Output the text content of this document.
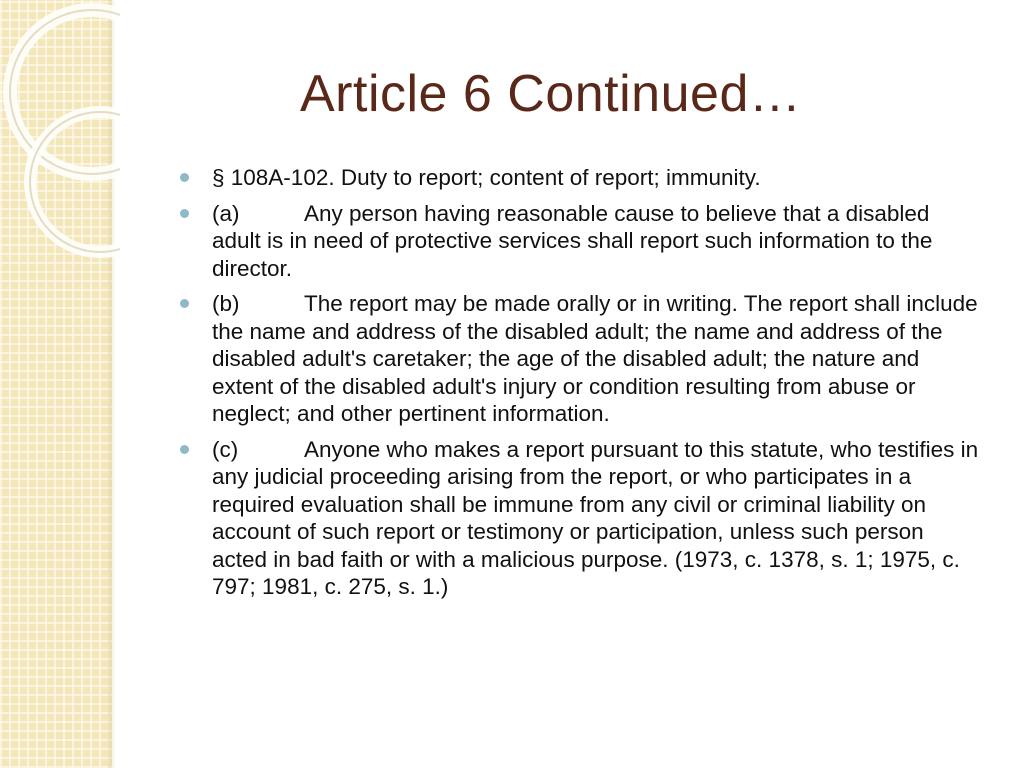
Article 6 Continued…
§ 108A-102. Duty to report; content of report; immunity.
(a)	Any person having reasonable cause to believe that a disabled adult is in need of protective services shall report such information to the director.
(b)	The report may be made orally or in writing. The report shall include the name and address of the disabled adult; the name and address of the disabled adult's caretaker; the age of the disabled adult; the nature and extent of the disabled adult's injury or condition resulting from abuse or neglect; and other pertinent information.
(c)	Anyone who makes a report pursuant to this statute, who testifies in any judicial proceeding arising from the report, or who participates in a required evaluation shall be immune from any civil or criminal liability on account of such report or testimony or participation, unless such person acted in bad faith or with a malicious purpose. (1973, c. 1378, s. 1; 1975, c. 797; 1981, c. 275, s. 1.)
